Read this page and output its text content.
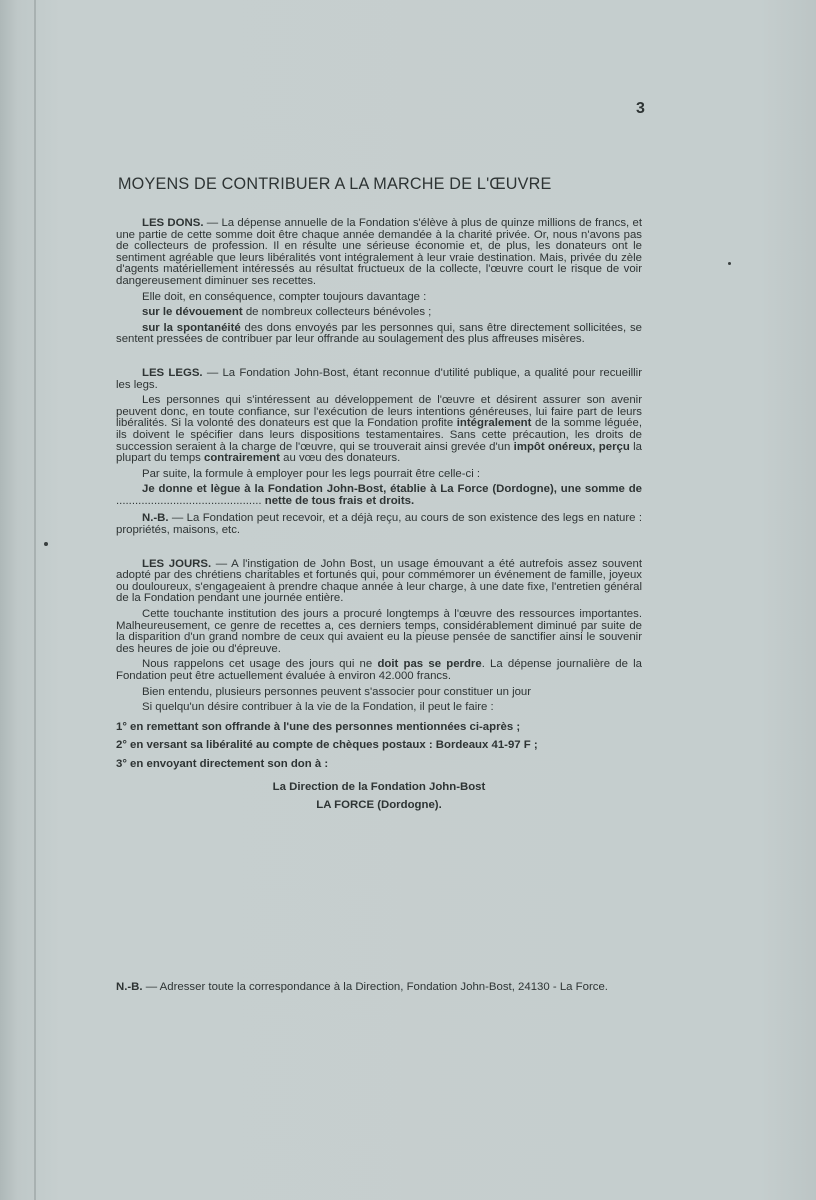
3
MOYENS DE CONTRIBUER A LA MARCHE DE L'ŒUVRE

LES DONS. — La dépense annuelle de la Fondation s'élève à plus de quinze millions de francs, et une partie de cette somme doit être chaque année demandée à la charité privée. Or, nous n'avons pas de collecteurs de profession. Il en résulte une sérieuse économie et, de plus, les donateurs ont le sentiment agréable que leurs libéralités vont intégralement à leur vraie destination. Mais, privée du zèle d'agents matériellement intéressés au résultat fructueux de la collecte, l'œuvre court le risque de voir dangereusement diminuer ses recettes.

Elle doit, en conséquence, compter toujours davantage :

sur le dévouement de nombreux collecteurs bénévoles ;

sur la spontanéité des dons envoyés par les personnes qui, sans être directement sollicitées, se sentent pressées de contribuer par leur offrande au soulagement des plus affreuses misères.

LES LEGS. — La Fondation John-Bost, étant reconnue d'utilité publique, a qualité pour recueillir les legs.

Les personnes qui s'intéressent au développement de l'œuvre et désirent assurer son avenir peuvent donc, en toute confiance, sur l'exécution de leurs intentions généreuses, lui faire part de leurs libéralités. Si la volonté des donateurs est que la Fondation profite intégralement de la somme léguée, ils doivent le spécifier dans leurs dispositions testamentaires. Sans cette précaution, les droits de succession seraient à la charge de l'œuvre, qui se trouverait ainsi grevée d'un impôt onéreux, perçu la plupart du temps contrairement au vœu des donateurs.

Par suite, la formule à employer pour les legs pourrait être celle-ci :

Je donne et lègue à la Fondation John-Bost, établie à La Force (Dordogne), une somme de .............................................. nette de tous frais et droits.

N.-B. — La Fondation peut recevoir, et a déjà reçu, au cours de son existence des legs en nature : propriétés, maisons, etc.

LES JOURS. — A l'instigation de John Bost, un usage émouvant a été autrefois assez souvent adopté par des chrétiens charitables et fortunés qui, pour commémorer un événement de famille, joyeux ou douloureux, s'engageaient à prendre chaque année à leur charge, à une date fixe, l'entretien général de la Fondation pendant une journée entière.

Cette touchante institution des jours a procuré longtemps à l'œuvre des ressources importantes. Malheureusement, ce genre de recettes a, ces derniers temps, considérablement diminué par suite de la disparition d'un grand nombre de ceux qui avaient eu la pieuse pensée de sanctifier ainsi le souvenir des heures de joie ou d'épreuve.

Nous rappelons cet usage des jours qui ne doit pas se perdre. La dépense journalière de la Fondation peut être actuellement évaluée à environ 42.000 francs.

Bien entendu, plusieurs personnes peuvent s'associer pour constituer un jour

Si quelqu'un désire contribuer à la vie de la Fondation, il peut le faire :

1° en remettant son offrande à l'une des personnes mentionnées ci-après ;

2° en versant sa libéralité au compte de chèques postaux : Bordeaux 41-97 F ;

3° en envoyant directement son don à :

La Direction de la Fondation John-Bost

LA FORCE (Dordogne).

N.-B. — Adresser toute la correspondance à la Direction, Fondation John-Bost, 24130 - La Force.
